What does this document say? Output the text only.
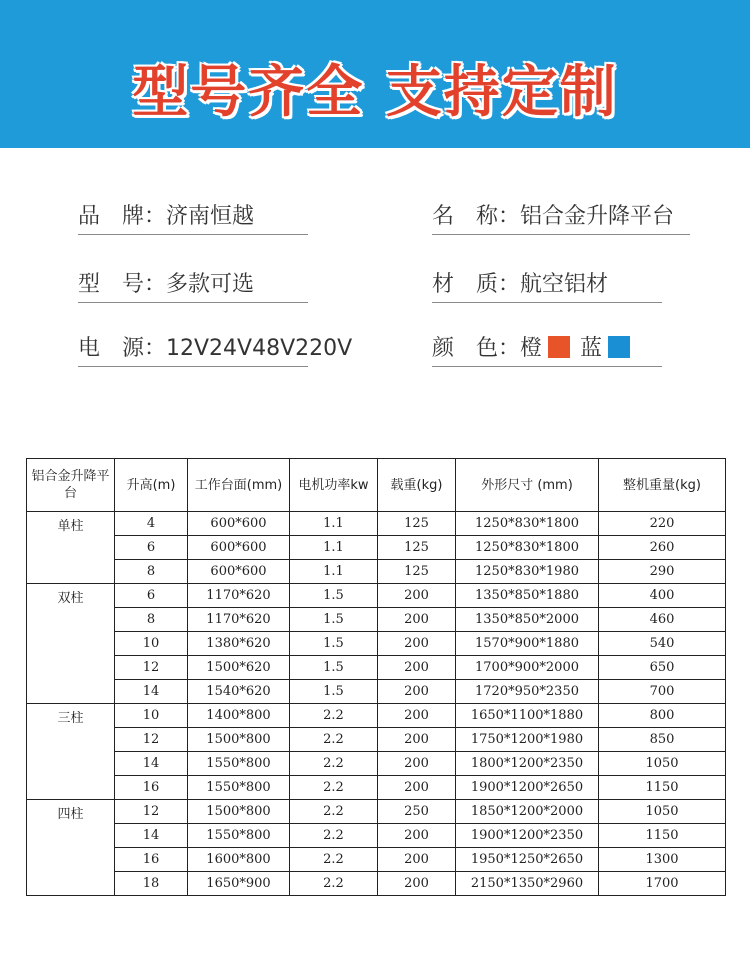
型号齐全 支持定制
品　牌：济南恒越	名　称：铝合金升降平台
型　号：多款可选	材　质：航空铝材
电　源：12V24V48V220V	颜　色：橙 蓝
铝合金升降平台	升高(m)	工作台面(mm)	电机功率kw	载重(kg)	外形尺寸 (mm)	整机重量(kg)
单柱	4	600*600	1.1	125	1250*830*1800	220
	6	600*600	1.1	125	1250*830*1800	260
	8	600*600	1.1	125	1250*830*1980	290
双柱	6	1170*620	1.5	200	1350*850*1880	400
	8	1170*620	1.5	200	1350*850*2000	460
	10	1380*620	1.5	200	1570*900*1880	540
	12	1500*620	1.5	200	1700*900*2000	650
	14	1540*620	1.5	200	1720*950*2350	700
三柱	10	1400*800	2.2	200	1650*1100*1880	800
	12	1500*800	2.2	200	1750*1200*1980	850
	14	1550*800	2.2	200	1800*1200*2350	1050
	16	1550*800	2.2	200	1900*1200*2650	1150
四柱	12	1500*800	2.2	250	1850*1200*2000	1050
	14	1550*800	2.2	200	1900*1200*2350	1150
	16	1600*800	2.2	200	1950*1250*2650	1300
	18	1650*900	2.2	200	2150*1350*2960	1700
